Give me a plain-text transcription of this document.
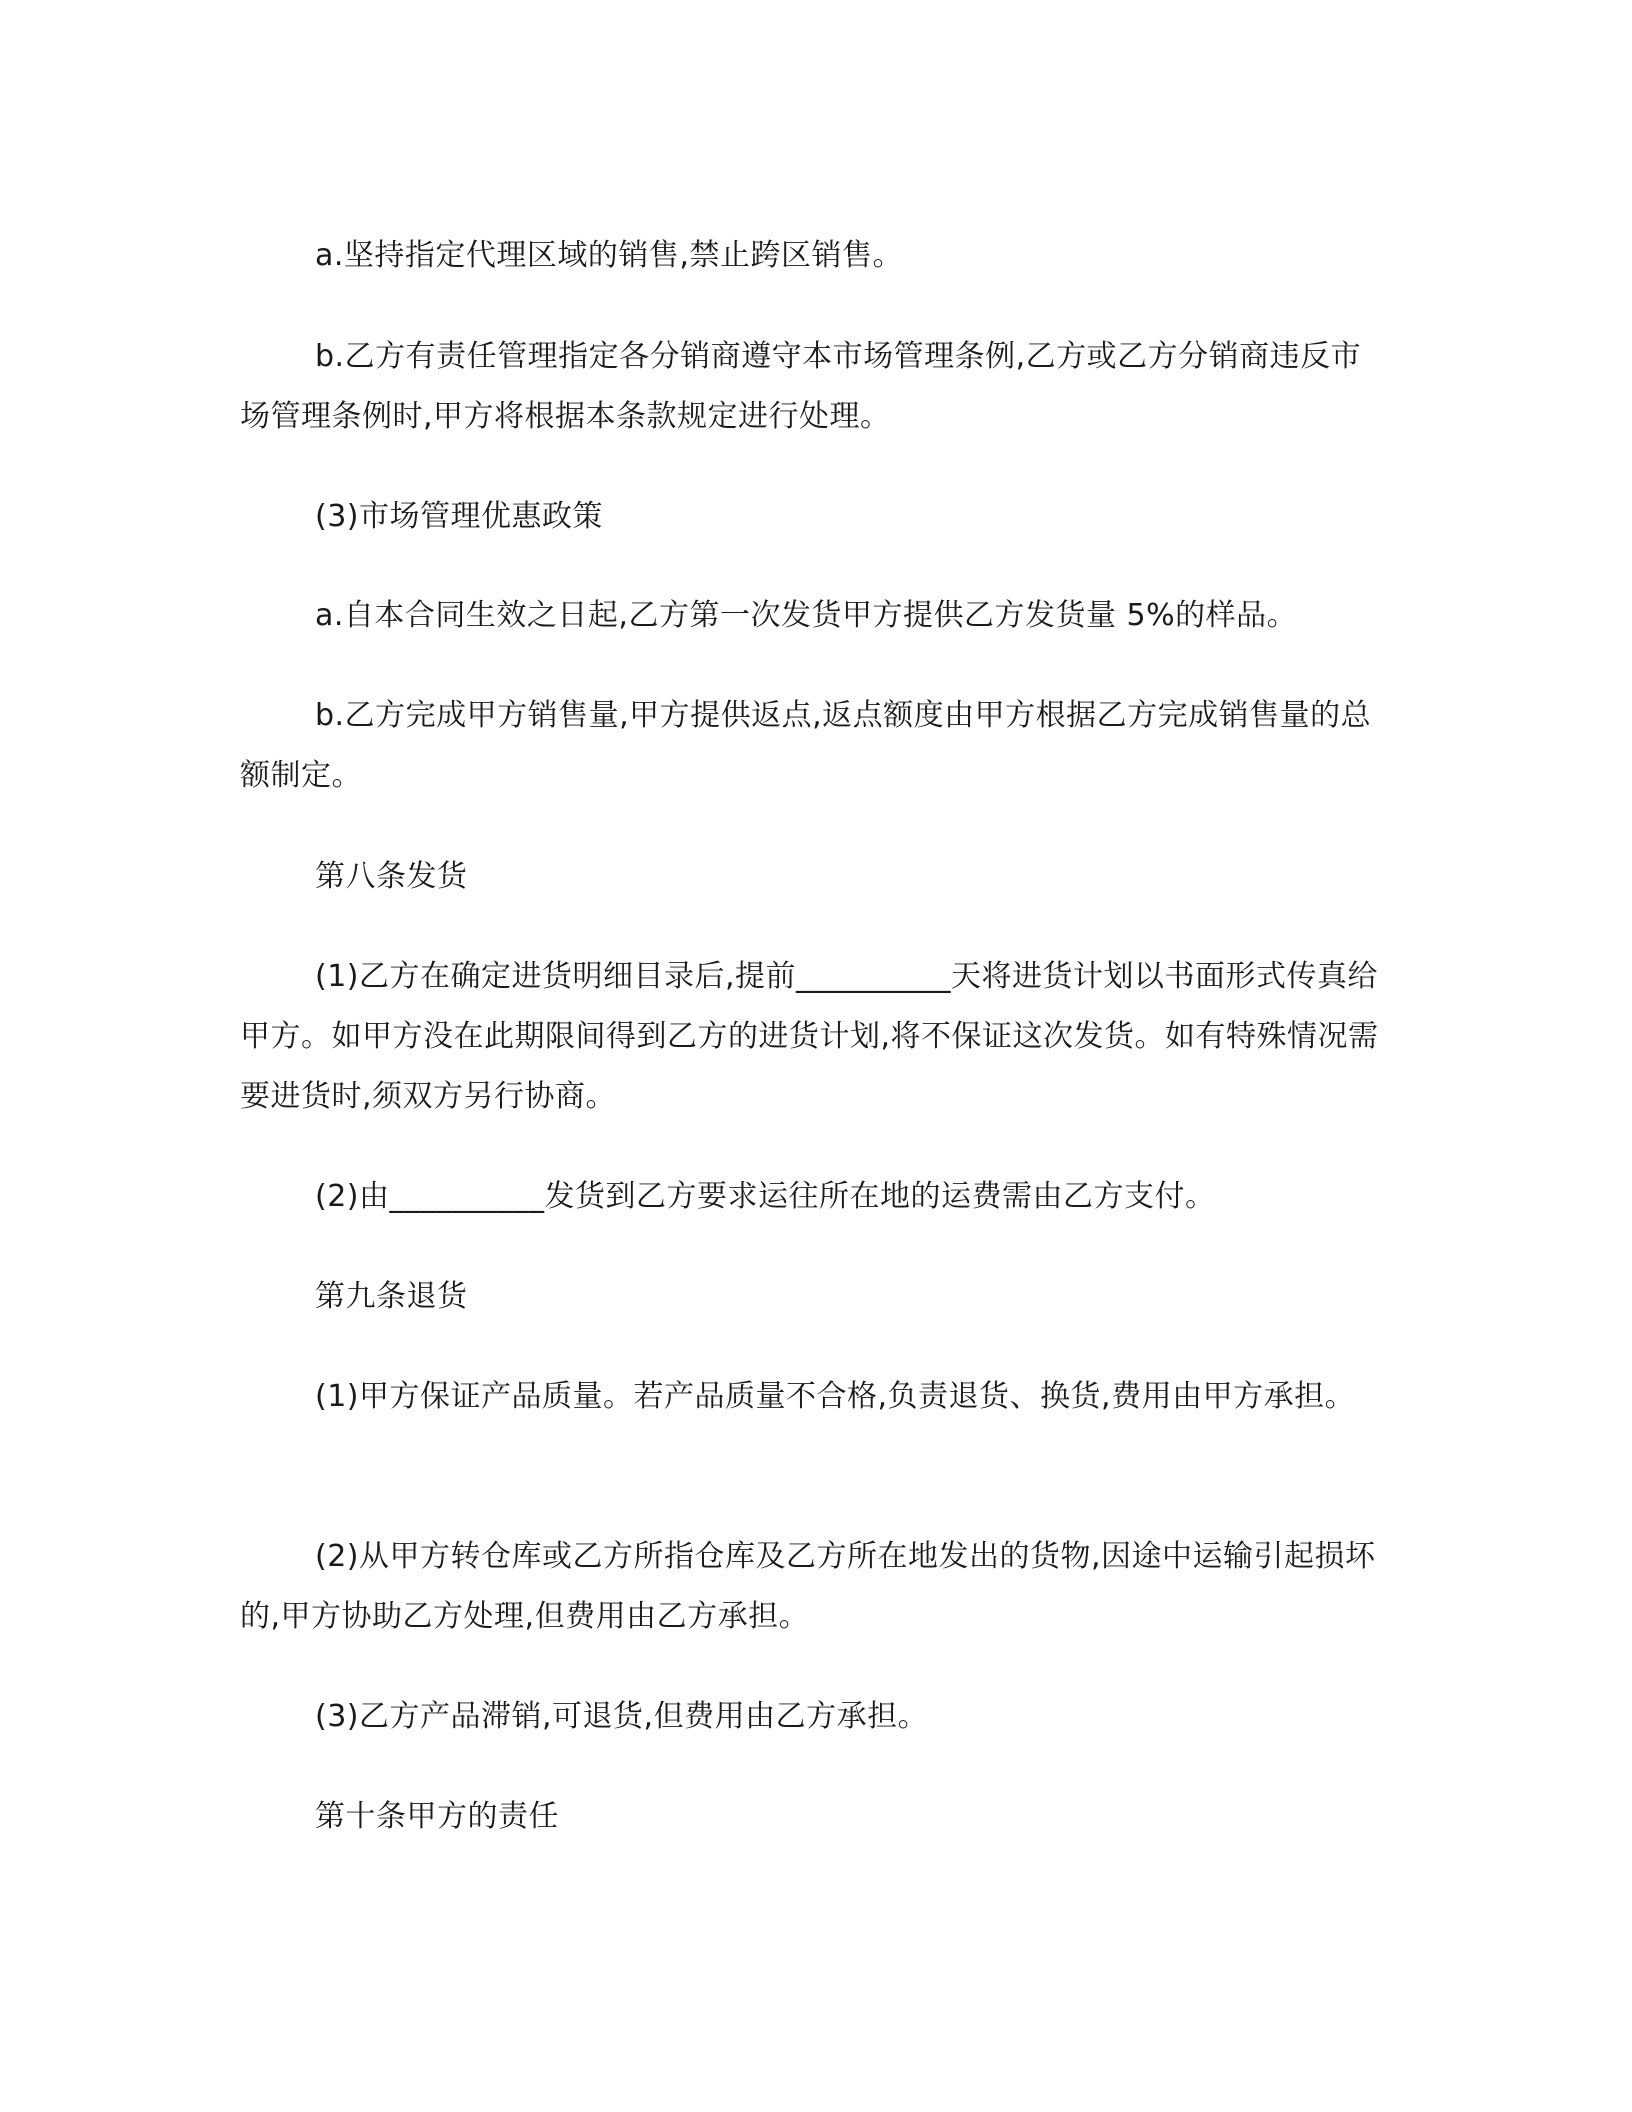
a.坚持指定代理区域的销售,禁止跨区销售。

b.乙方有责任管理指定各分销商遵守本市场管理条例,乙方或乙方分销商违反市场管理条例时,甲方将根据本条款规定进行处理。

(3)市场管理优惠政策

a.自本合同生效之日起,乙方第一次发货甲方提供乙方发货量 5%的样品。

b.乙方完成甲方销售量,甲方提供返点,返点额度由甲方根据乙方完成销售量的总额制定。

第八条发货

(1)乙方在确定进货明细目录后,提前__________天将进货计划以书面形式传真给甲方。如甲方没在此期限间得到乙方的进货计划,将不保证这次发货。如有特殊情况需要进货时,须双方另行协商。

(2)由__________发货到乙方要求运往所在地的运费需由乙方支付。

第九条退货

(1)甲方保证产品质量。若产品质量不合格,负责退货、换货,费用由甲方承担。

(2)从甲方转仓库或乙方所指仓库及乙方所在地发出的货物,因途中运输引起损坏的,甲方协助乙方处理,但费用由乙方承担。

(3)乙方产品滞销,可退货,但费用由乙方承担。

第十条甲方的责任
